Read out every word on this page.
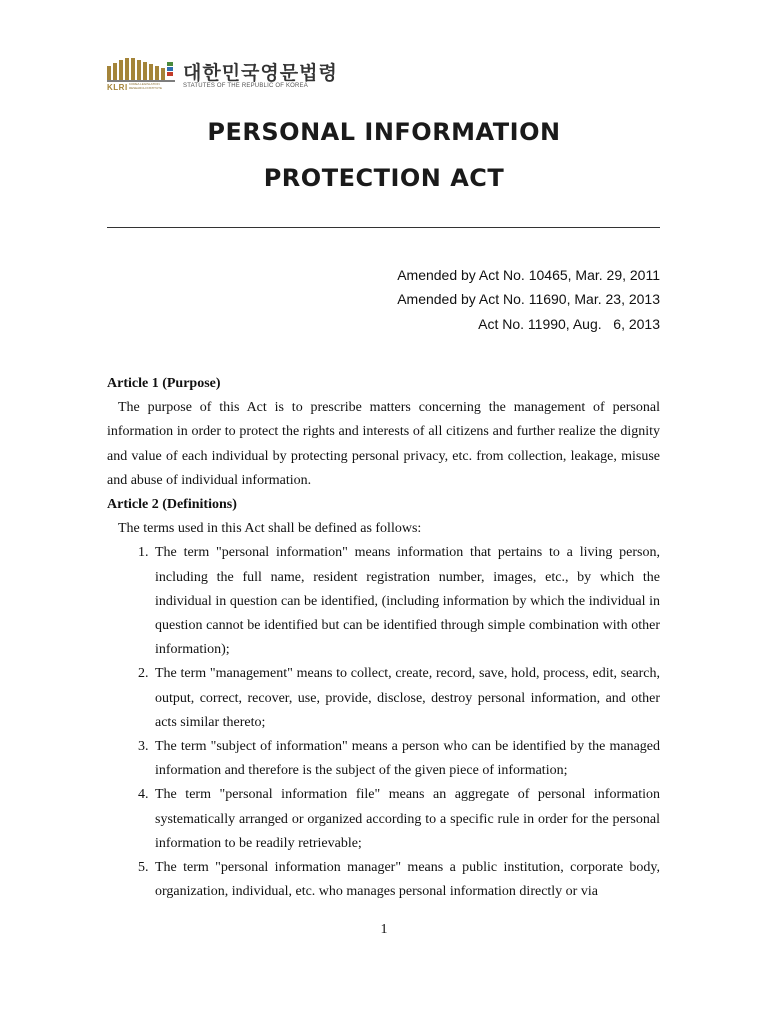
KLRI KOREA LEGISLATION RESEARCH INSTITUTE
대한민국영문법령
STATUTES OF THE REPUBLIC OF KOREA
PERSONAL INFORMATION
PROTECTION ACT
Amended by Act No. 10465, Mar. 29, 2011
Amended by Act No. 11690, Mar. 23, 2013
Act No. 11990, Aug.   6, 2013
Article 1 (Purpose)
The purpose of this Act is to prescribe matters concerning the management of personal information in order to protect the rights and interests of all citizens and further realize the dignity and value of each individual by protecting personal privacy, etc. from collection, leakage, misuse and abuse of individual information.
Article 2 (Definitions)
The terms used in this Act shall be defined as follows:
1. The term "personal information" means information that pertains to a living person, including the full name, resident registration number, images, etc., by which the individual in question can be identified, (including information by which the individual in question cannot be identified but can be identified through simple combination with other information);
2. The term "management" means to collect, create, record, save, hold, process, edit, search, output, correct, recover, use, provide, disclose, destroy personal information, and other acts similar thereto;
3. The term "subject of information" means a person who can be identified by the managed information and therefore is the subject of the given piece of information;
4. The term "personal information file" means an aggregate of personal information systematically arranged or organized according to a specific rule in order for the personal information to be readily retrievable;
5. The term "personal information manager" means a public institution, corporate body, organization, individual, etc. who manages personal information directly or via
1
